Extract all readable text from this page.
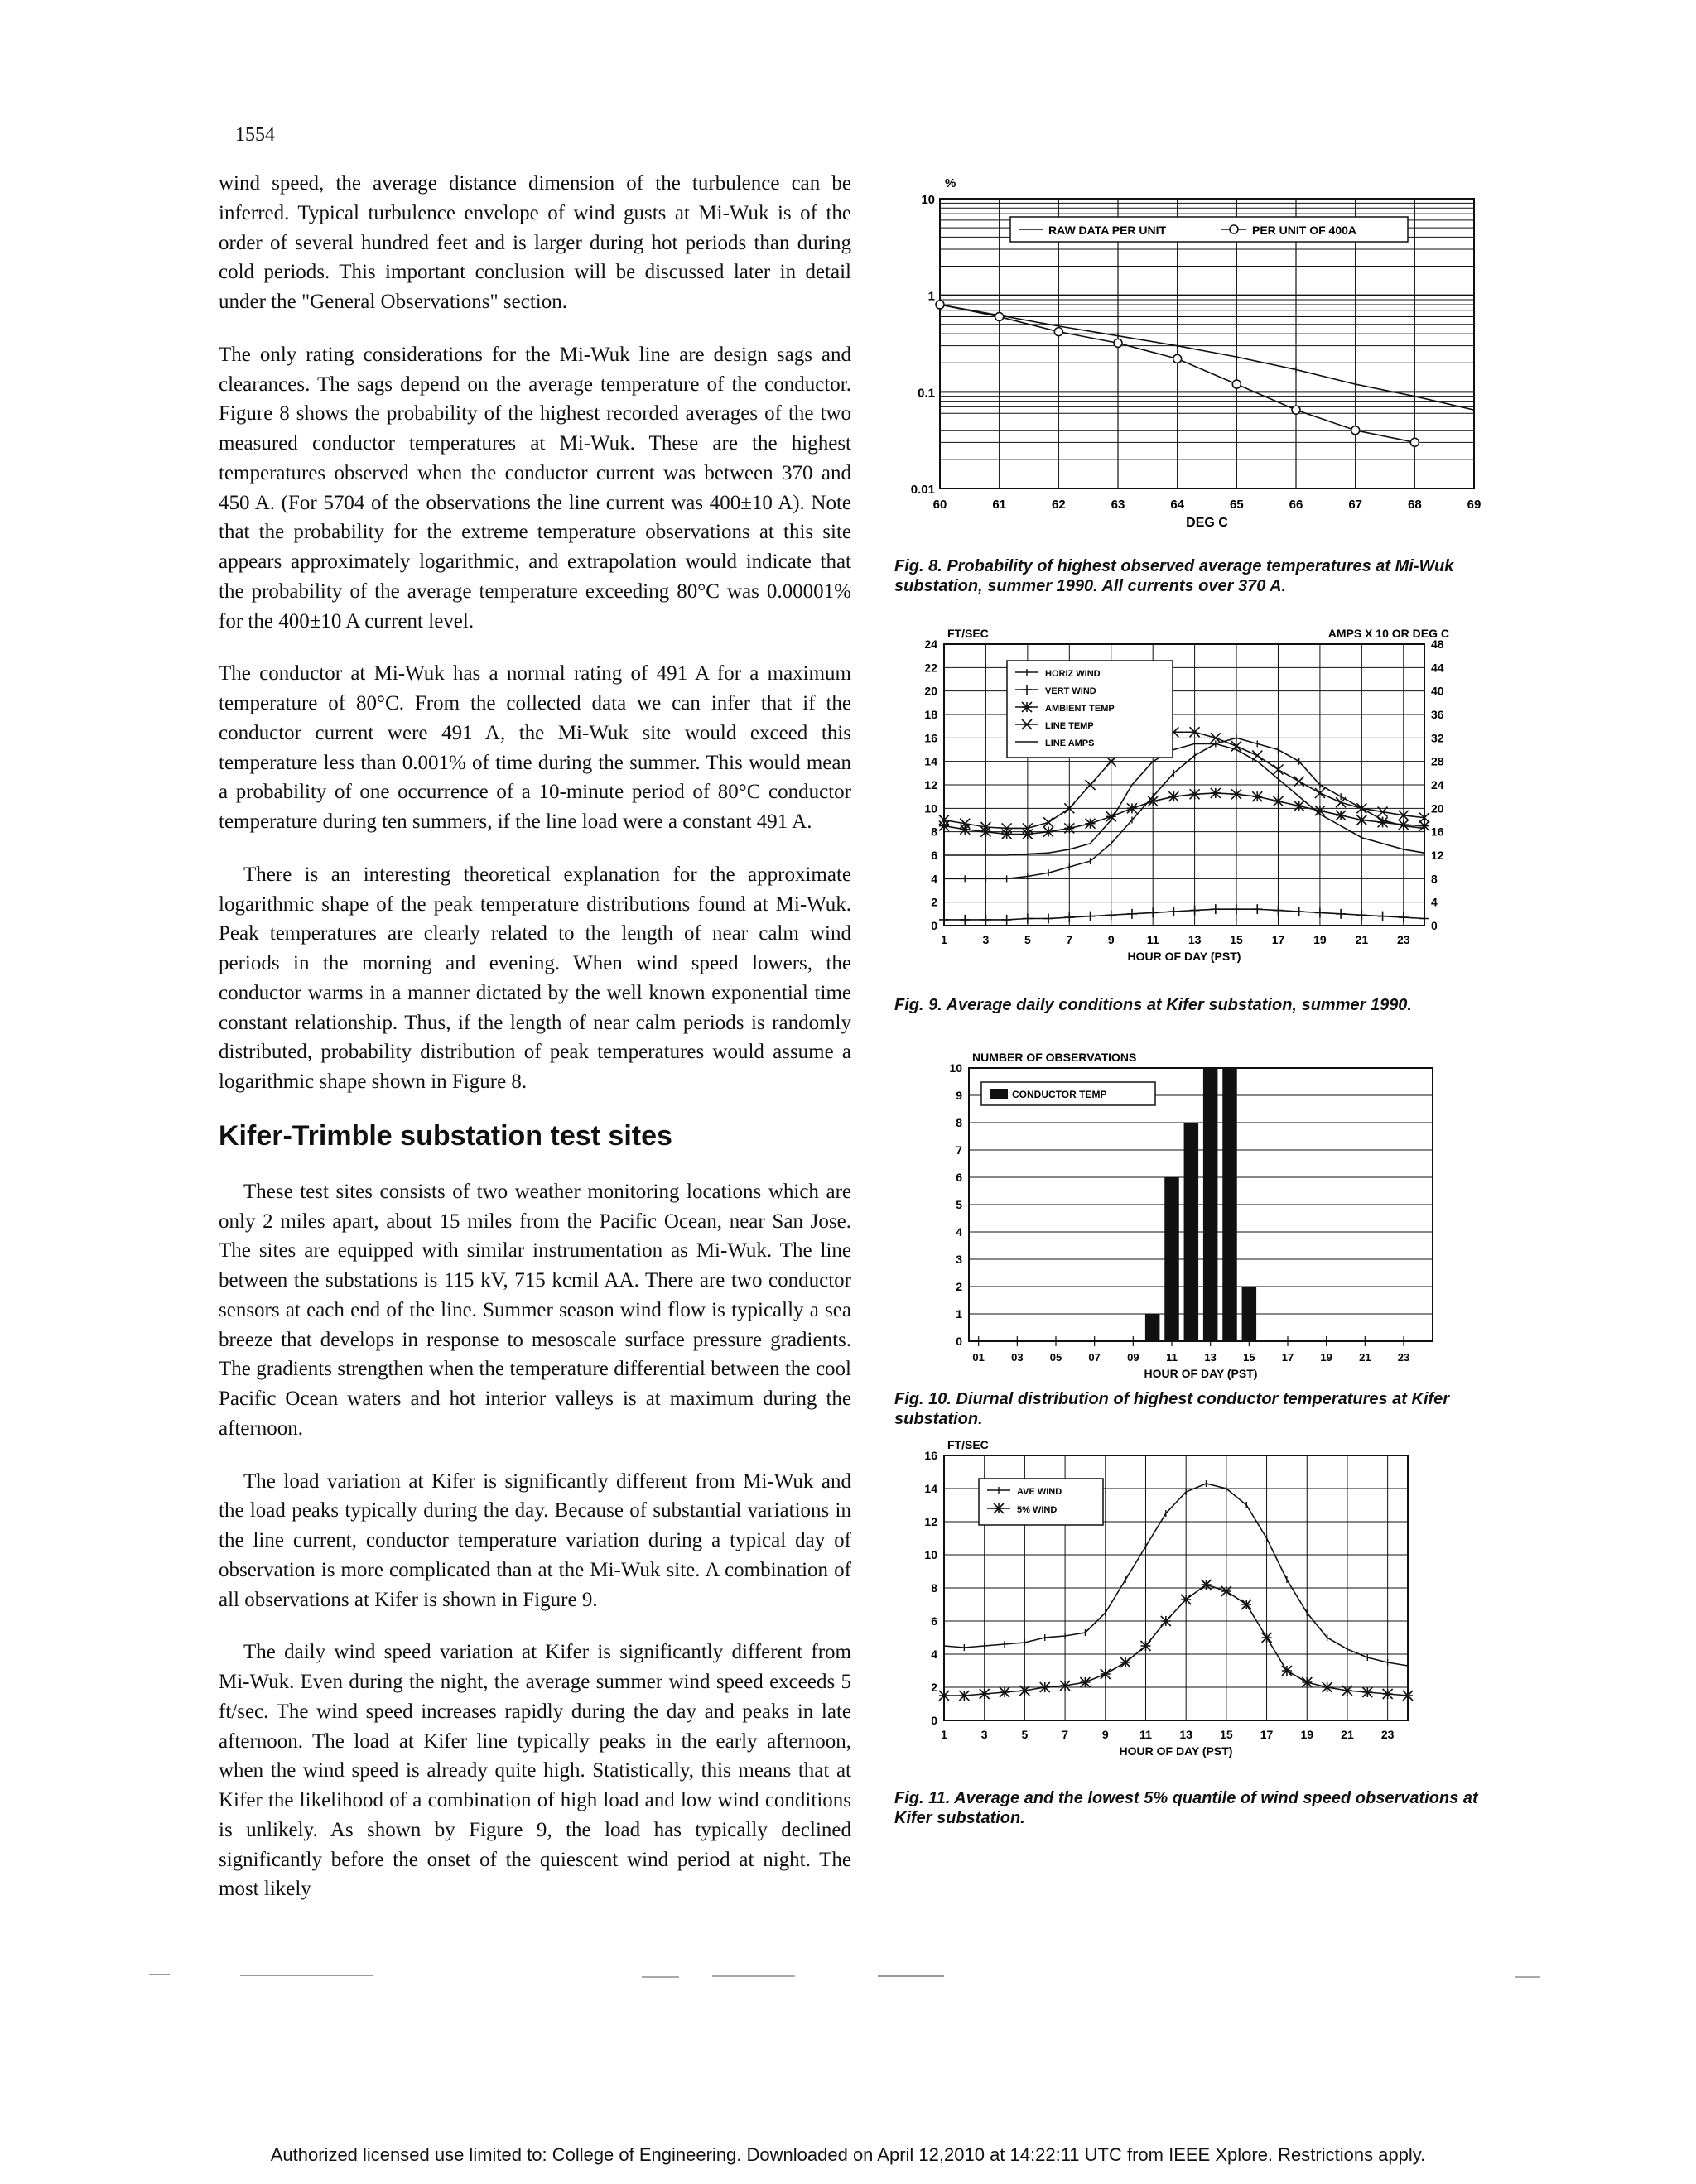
1554

wind speed, the average distance dimension of the turbulence can be inferred. Typical turbulence envelope of wind gusts at Mi-Wuk is of the order of several hundred feet and is larger during hot periods than during cold periods. This important conclusion will be discussed later in detail under the "General Observations" section.

The only rating considerations for the Mi-Wuk line are design sags and clearances. The sags depend on the average temperature of the conductor. Figure 8 shows the probability of the highest recorded averages of the two measured conductor temperatures at Mi-Wuk. These are the highest temperatures observed when the conductor current was between 370 and 450 A. (For 5704 of the observations the line current was 400±10 A). Note that the probability for the extreme temperature observations at this site appears approximately logarithmic, and extrapolation would indicate that the probability of the average temperature exceeding 80°C was 0.00001% for the 400±10 A current level.

The conductor at Mi-Wuk has a normal rating of 491 A for a maximum temperature of 80°C. From the collected data we can infer that if the conductor current were 491 A, the Mi-Wuk site would exceed this temperature less than 0.001% of time during the summer. This would mean a probability of one occurrence of a 10-minute period of 80°C conductor temperature during ten summers, if the line load were a constant 491 A.

There is an interesting theoretical explanation for the approximate logarithmic shape of the peak temperature distributions found at Mi-Wuk. Peak temperatures are clearly related to the length of near calm wind periods in the morning and evening. When wind speed lowers, the conductor warms in a manner dictated by the well known exponential time constant relationship. Thus, if the length of near calm periods is randomly distributed, probability distribution of peak temperatures would assume a logarithmic shape shown in Figure 8.

Kifer-Trimble substation test sites

These test sites consists of two weather monitoring locations which are only 2 miles apart, about 15 miles from the Pacific Ocean, near San Jose. The sites are equipped with similar instrumentation as Mi-Wuk. The line between the substations is 115 kV, 715 kcmil AA. There are two conductor sensors at each end of the line. Summer season wind flow is typically a sea breeze that develops in response to mesoscale surface pressure gradients. The gradients strengthen when the temperature differential between the cool Pacific Ocean waters and hot interior valleys is at maximum during the afternoon.

The load variation at Kifer is significantly different from Mi-Wuk and the load peaks typically during the day. Because of substantial variations in the line current, conductor temperature variation during a typical day of observation is more complicated than at the Mi-Wuk site. A combination of all observations at Kifer is shown in Figure 9.

The daily wind speed variation at Kifer is significantly different from Mi-Wuk. Even during the night, the average summer wind speed exceeds 5 ft/sec. The wind speed increases rapidly during the day and peaks in late afternoon. The load at Kifer line typically peaks in the early afternoon, when the wind speed is already quite high. Statistically, this means that at Kifer the likelihood of a combination of high load and low wind conditions is unlikely. As shown by Figure 9, the load has typically declined significantly before the onset of the quiescent wind period at night. The most likely

60	61	62	63	64	65	66	67	68	69
DEG C
10
1
0.1
0.01
%
RAW DATA PER UNIT	PER UNIT OF 400A
Fig. 8. Probability of highest observed average temperatures at Mi-Wuk substation, summer 1990. All currents over 370 A.
0	0
2	4
4	8
6	12
8	16
10	20
12	24
14	28
16	32
18	36
20	40
22	44
24	48
1	3	5	7	9	11	13 15 17 19 21 23
HOUR OF DAY (PST)
FT/SEC	AMPS X 10 OR DEG C
HORIZ WIND
VERT WIND
AMBIENT TEMP
LINE TEMP
LINE AMPS
Fig. 9. Average daily conditions at Kifer substation, summer 1990.
0
1
2
3
4
5
6
7
8
9
10
01 03 05 07 09	11	13 15 17 19 21 23
HOUR OF DAY (PST)
NUMBER OF OBSERVATIONS
CONDUCTOR TEMP
Fig. 10. Diurnal distribution of highest conductor temperatures at Kifer substation.
0
2
4
6
8
10
12
14
16
1	3	5	7	9	11 13 15 17 19 21 23
HOUR OF DAY (PST)
FT/SEC
AVE WIND
5% WIND
Fig. 11. Average and the lowest 5% quantile of wind speed observations at Kifer substation.
Authorized licensed use limited to: College of Engineering. Downloaded on April 12,2010 at 14:22:11 UTC from IEEE Xplore. Restrictions apply.
